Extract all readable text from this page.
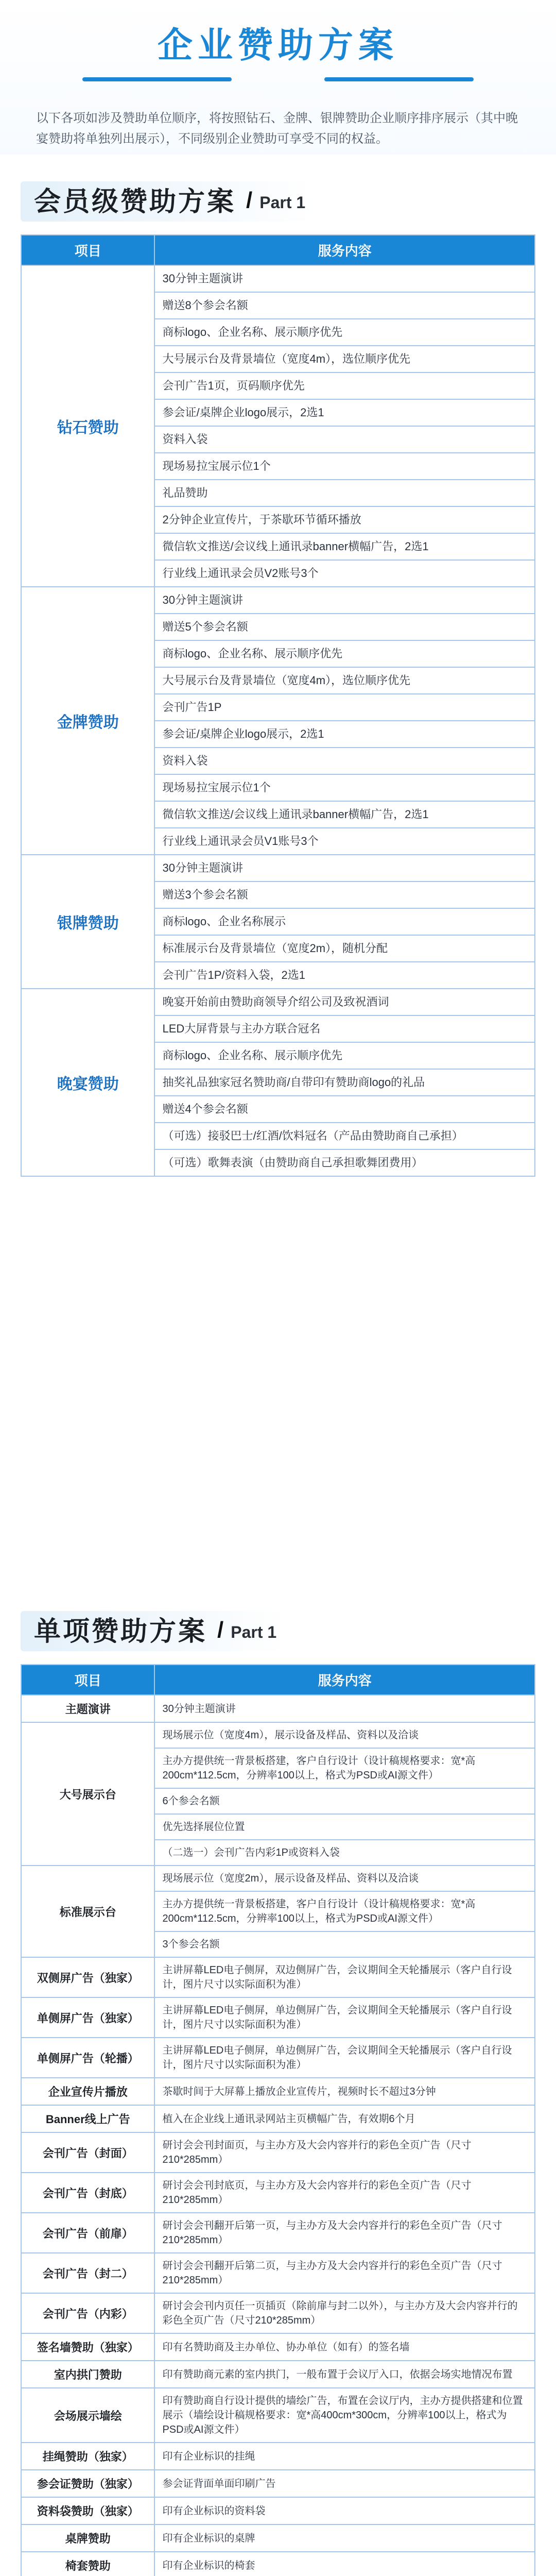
企业赞助方案
以下各项如涉及赞助单位顺序，将按照钻石、金牌、银牌赞助企业顺序排序展示（其中晚宴赞助将单独列出展示），不同级别企业赞助可享受不同的权益。
会员级赞助方案 / Part 1
项目	服务内容
钻石赞助	30分钟主题演讲
	赠送8个参会名额
	商标logo、企业名称、展示顺序优先
	大号展示台及背景墙位（宽度4m），选位顺序优先
	会刊广告1页，页码顺序优先
	参会证/桌牌企业logo展示，2选1
	资料入袋
	现场易拉宝展示位1个
	礼品赞助
	2分钟企业宣传片，于茶歇环节循环播放
	微信软文推送/会议线上通讯录banner横幅广告，2选1
	行业线上通讯录会员V2账号3个
金牌赞助	30分钟主题演讲
	赠送5个参会名额
	商标logo、企业名称、展示顺序优先
	大号展示台及背景墙位（宽度4m），选位顺序优先
	会刊广告1P
	参会证/桌牌企业logo展示，2选1
	资料入袋
	现场易拉宝展示位1个
	微信软文推送/会议线上通讯录banner横幅广告，2选1
	行业线上通讯录会员V1账号3个
银牌赞助	30分钟主题演讲
	赠送3个参会名额
	商标logo、企业名称展示
	标准展示台及背景墙位（宽度2m），随机分配
	会刊广告1P/资料入袋，2选1
晚宴赞助	晚宴开始前由赞助商领导介绍公司及致祝酒词
	LED大屏背景与主办方联合冠名
	商标logo、企业名称、展示顺序优先
	抽奖礼品独家冠名赞助商/自带印有赞助商logo的礼品
	赠送4个参会名额
	（可选）接驳巴士/红酒/饮料冠名（产品由赞助商自己承担）
	（可选）歌舞表演（由赞助商自己承担歌舞团费用）
单项赞助方案 / Part 1
项目	服务内容
主题演讲	30分钟主题演讲
大号展示台	现场展示位（宽度4m），展示设备及样品、资料以及洽谈
	主办方提供统一背景板搭建，客户自行设计（设计稿规格要求：宽*高200cm*112.5cm，分辨率100以上，格式为PSD或AI源文件）
	6个参会名额
	优先选择展位位置
	（二选一）会刊广告内彩1P或资料入袋
标准展示台	现场展示位（宽度2m），展示设备及样品、资料以及洽谈
	主办方提供统一背景板搭建，客户自行设计（设计稿规格要求：宽*高200cm*112.5cm，分辨率100以上，格式为PSD或AI源文件）
	3个参会名额
双侧屏广告（独家）	主讲屏幕LED电子侧屏，双边侧屏广告，会议期间全天轮播展示（客户自行设计，图片尺寸以实际面积为准）
单侧屏广告（独家）	主讲屏幕LED电子侧屏，单边侧屏广告，会议期间全天轮播展示（客户自行设计，图片尺寸以实际面积为准）
单侧屏广告（轮播）	主讲屏幕LED电子侧屏，单边侧屏广告，会议期间全天轮播展示（客户自行设计，图片尺寸以实际面积为准）
企业宣传片播放	茶歇时间于大屏幕上播放企业宣传片，视频时长不超过3分钟
Banner线上广告	植入在企业线上通讯录网站主页横幅广告，有效期6个月
会刊广告（封面）	研讨会会刊封面页，与主办方及大会内容并行的彩色全页广告（尺寸210*285mm）
会刊广告（封底）	研讨会会刊封底页，与主办方及大会内容并行的彩色全页广告（尺寸210*285mm）
会刊广告（前扉）	研讨会会刊翻开后第一页，与主办方及大会内容并行的彩色全页广告（尺寸210*285mm）
会刊广告（封二）	研讨会会刊翻开后第二页，与主办方及大会内容并行的彩色全页广告（尺寸210*285mm）
会刊广告（内彩）	研讨会会刊内页任一页插页（除前扉与封二以外），与主办方及大会内容并行的彩色全页广告（尺寸210*285mm）
签名墙赞助（独家）	印有名赞助商及主办单位、协办单位（如有）的签名墙
室内拱门赞助	印有赞助商元素的室内拱门，一般布置于会议厅入口，依据会场实地情况布置
会场展示墙绘	印有赞助商自行设计提供的墙绘广告，布置在会议厅内，主办方提供搭建和位置展示（墙绘设计稿规格要求：宽*高400cm*300cm，分辨率100以上，格式为PSD或AI源文件）
挂绳赞助（独家）	印有企业标识的挂绳
参会证赞助（独家）	参会证背面单面印刷广告
资料袋赞助（独家）	印有企业标识的资料袋
桌牌赞助	印有企业标识的桌牌
椅套赞助	印有企业标识的椅套
